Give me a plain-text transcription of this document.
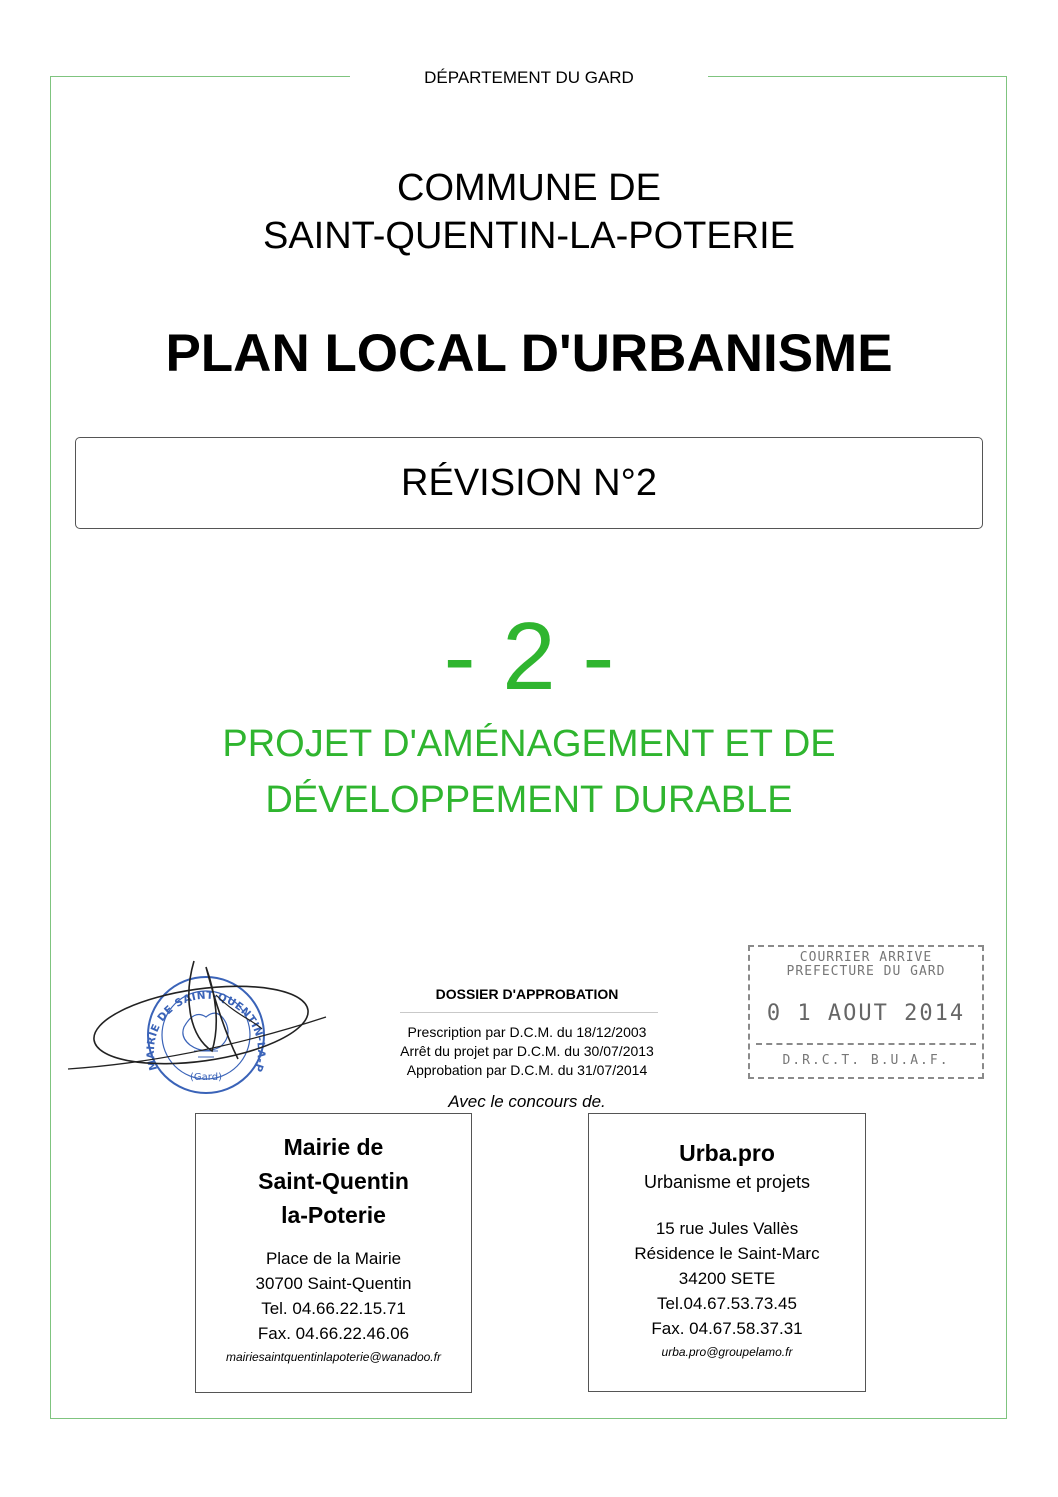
DÉPARTEMENT DU GARD
COMMUNE DE
SAINT-QUENTIN-LA-POTERIE
PLAN LOCAL D'URBANISME
RÉVISION N°2
- 2 -
PROJET D'AMÉNAGEMENT ET DE
DÉVELOPPEMENT DURABLE
MAIRIE DE SAINT-QUENTIN-LA-P
(Gard)
COURRIER ARRIVE
PREFECTURE DU GARD
0 1 AOUT 2014
D.R.C.T. B.U.A.F.
DOSSIER D'APPROBATION
Prescription par D.C.M. du 18/12/2003
Arrêt du projet par D.C.M. du 30/07/2013
Approbation par D.C.M. du 31/07/2014
Avec le concours de.
Mairie de
Saint-Quentin
la-Poterie
Place de la Mairie
30700 Saint-Quentin
Tel. 04.66.22.15.71
Fax. 04.66.22.46.06
mairiesaintquentinlapoterie@wanadoo.fr
Urba.pro
Urbanisme et projets
15 rue Jules Vallès
Résidence le Saint-Marc
34200 SETE
Tel.04.67.53.73.45
Fax. 04.67.58.37.31
urba.pro@groupelamo.fr
